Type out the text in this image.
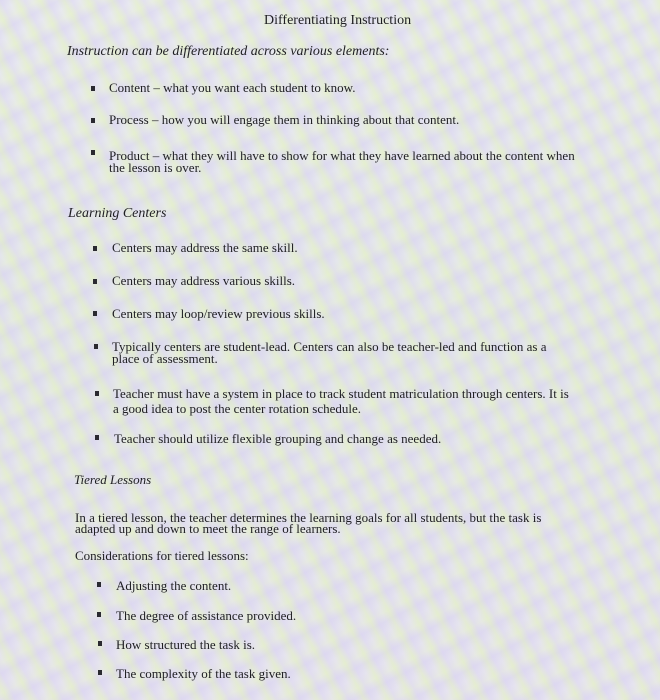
Differentiating Instruction
Instruction can be differentiated across various elements:
Content – what you want each student to know.
Process – how you will engage them in thinking about that content.
Product – what they will have to show for what they have learned about the content when
the lesson is over.
Learning Centers
Centers may address the same skill.
Centers may address various skills.
Centers may loop/review previous skills.
Typically centers are student-lead. Centers can also be teacher-led and function as a
place of assessment.
Teacher must have a system in place to track student matriculation through centers. It is
a good idea to post the center rotation schedule.
Teacher should utilize flexible grouping and change as needed.
Tiered Lessons
In a tiered lesson, the teacher determines the learning goals for all students, but the task is
adapted up and down to meet the range of learners.
Considerations for tiered lessons:
Adjusting the content.
The degree of assistance provided.
How structured the task is.
The complexity of the task given.
